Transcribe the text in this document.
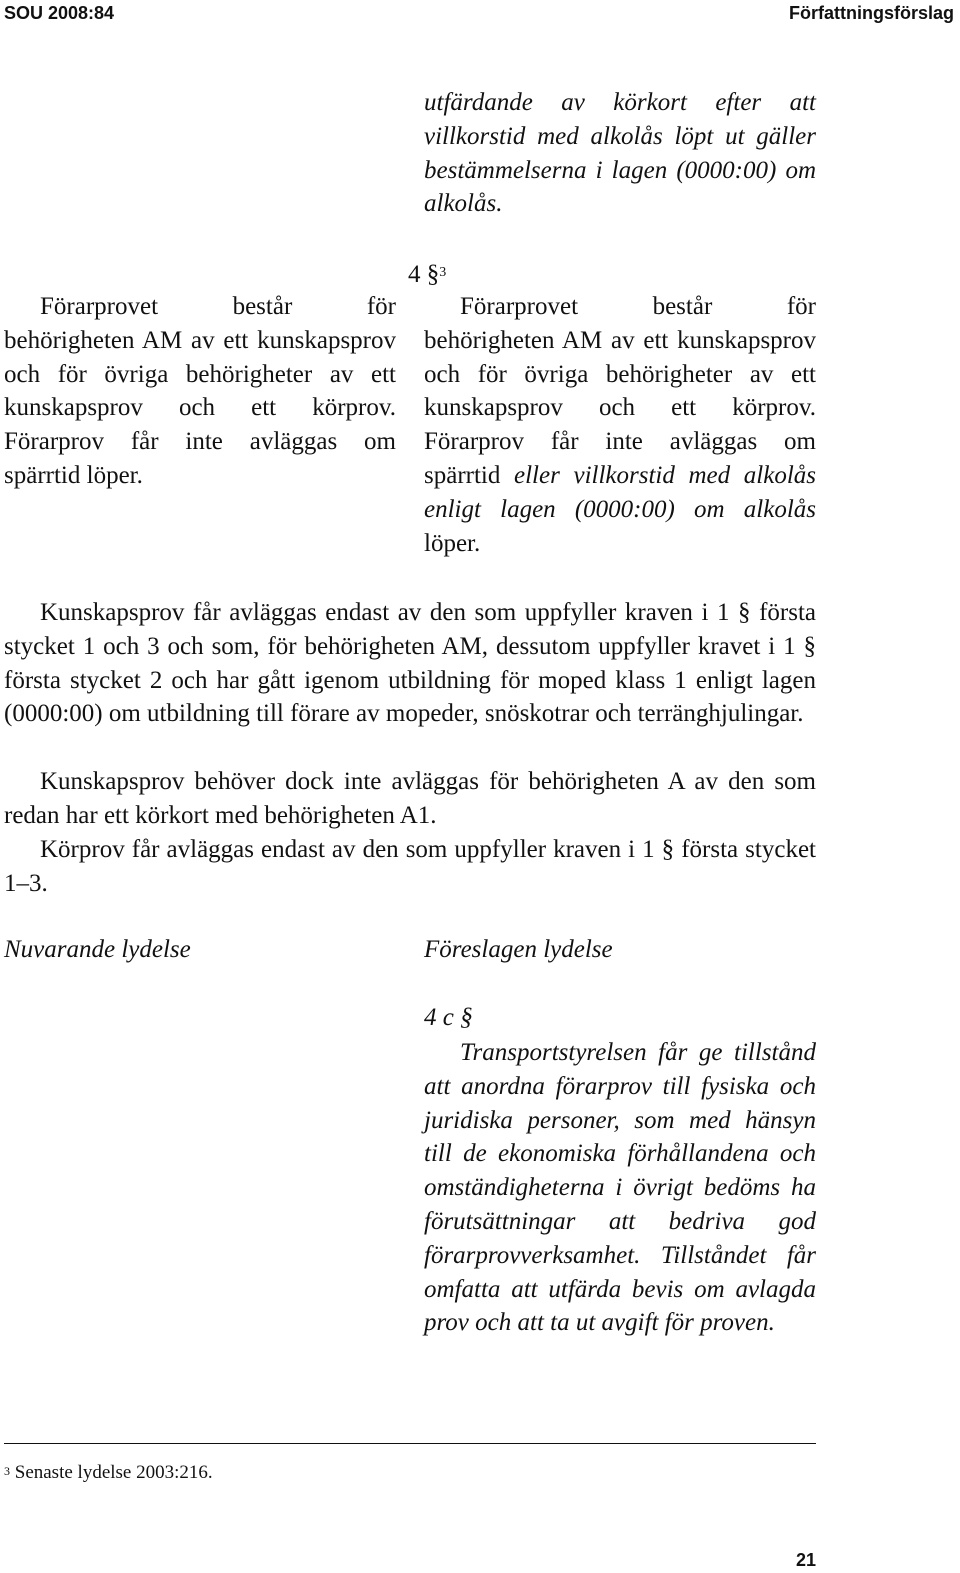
SOU 2008:84	Författningsförslag

utfärdande av körkort efter att villkorstid med alkolås löpt ut gäller bestämmelserna i lagen (0000:00) om alkolås.

4 §$^3$

Förarprovet består för behörigheten AM av ett kunskapsprov och för övriga behörigheter av ett kunskapsprov och ett körprov. Förarprov får inte avläggas om spärrtid löper.

Förarprovet består för behörigheten AM av ett kunskapsprov och för övriga behörigheter av ett kunskapsprov och ett körprov. Förarprov får inte avläggas om spärrtid eller villkorstid med alkolås enligt lagen (0000:00) om alkolås löper.

Kunskapsprov får avläggas endast av den som uppfyller kraven i 1 § första stycket 1 och 3 och som, för behörigheten AM, dessutom uppfyller kravet i 1 § första stycket 2 och har gått igenom utbildning för moped klass 1 enligt lagen (0000:00) om utbildning till förare av mopeder, snöskotrar och terränghjulingar.

Kunskapsprov behöver dock inte avläggas för behörigheten A av den som redan har ett körkort med behörigheten A1.

Körprov får avläggas endast av den som uppfyller kraven i 1 § första stycket 1–3.

Nuvarande lydelse	Föreslagen lydelse
4 c §

Transportstyrelsen får ge tillstånd att anordna förarprov till fysiska och juridiska personer, som med hänsyn till de ekonomiska förhållandena och omständigheterna i övrigt bedöms ha förutsättningar att bedriva god förarprovverksamhet. Tillståndet får omfatta att utfärda bevis om avlagda prov och att ta ut avgift för proven.

$^3$ Senaste lydelse 2003:216.
21
